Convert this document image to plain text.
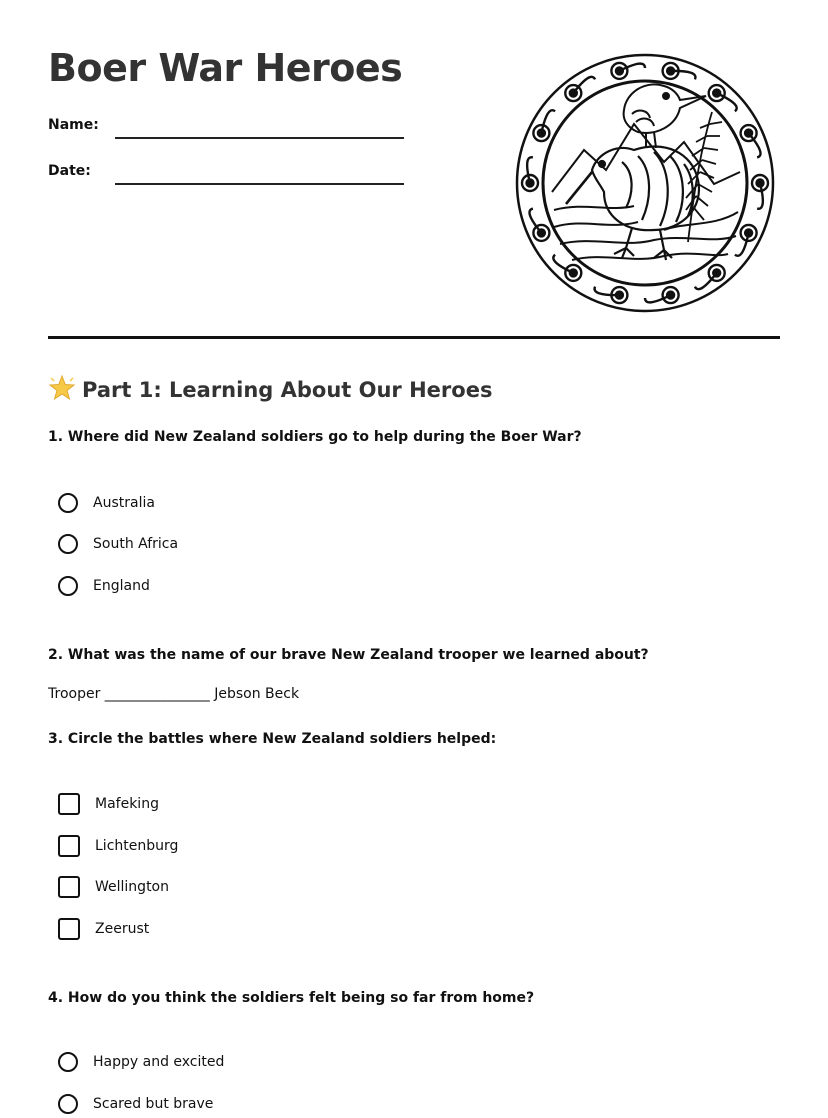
Boer War Heroes
Name:
Date:
Part 1: Learning About Our Heroes

1. Where did New Zealand soldiers go to help during the Boer War?

Australia
South Africa
England

2. What was the name of our brave New Zealand trooper we learned about?

Trooper _______________ Jebson Beck

3. Circle the battles where New Zealand soldiers helped:

Mafeking
Lichtenburg
Wellington
Zeerust

4. How do you think the soldiers felt being so far from home?

Happy and excited
Scared but brave
